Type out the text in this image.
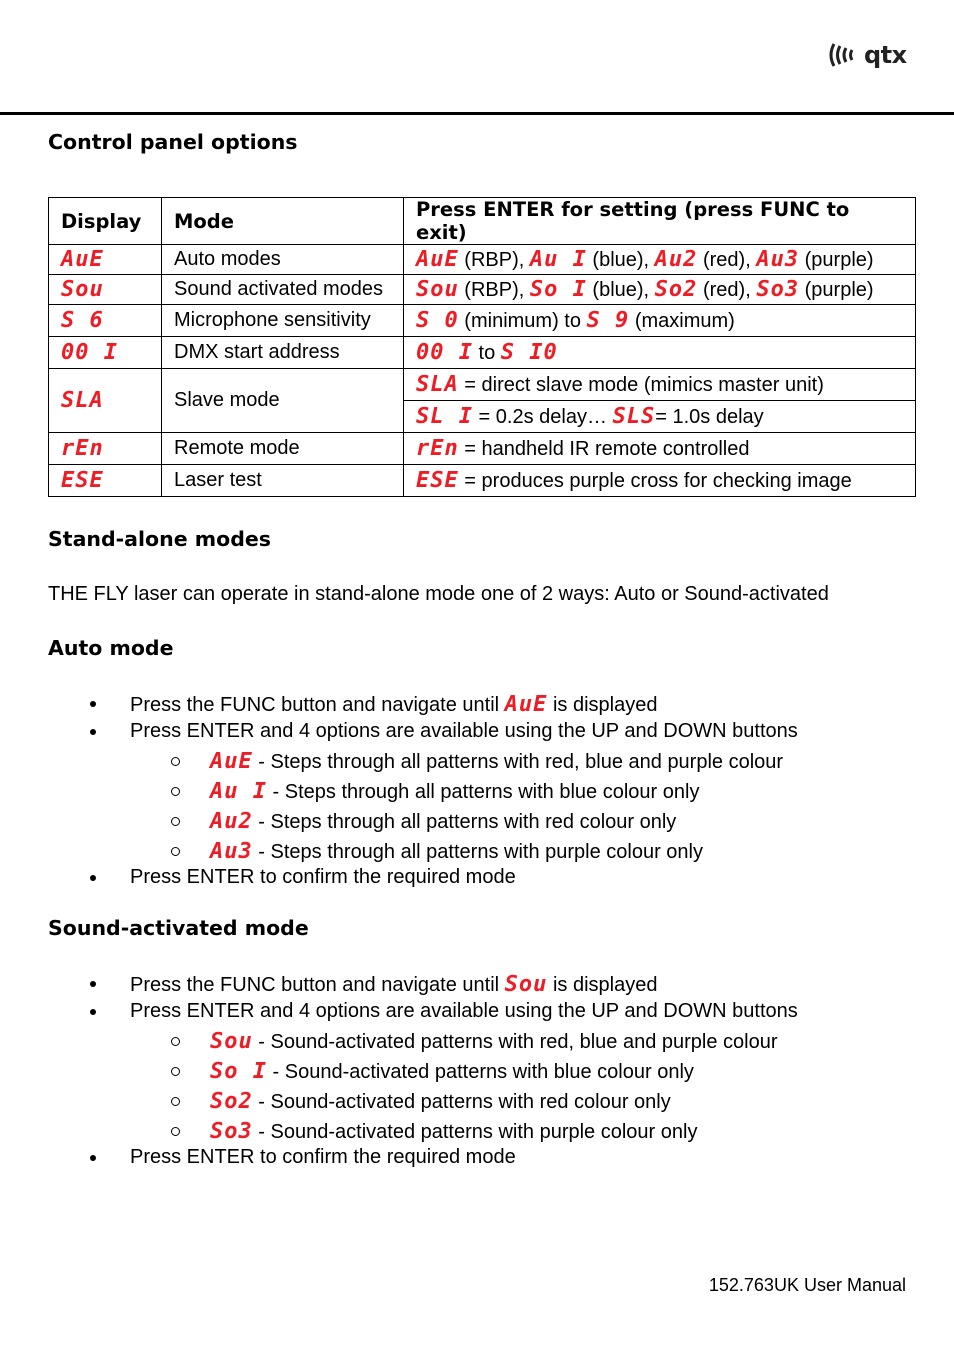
qtx
Control panel options
Display	Mode	Press ENTER for setting (press FUNC to exit)
AuE	Auto modes	AuE (RBP), Au I (blue), Au2 (red), Au3 (purple)
Sou	Sound activated modes	Sou (RBP), So I (blue), So2 (red), So3 (purple)
S 6	Microphone sensitivity	S 0 (minimum) to S 9 (maximum)
00 I	DMX start address	00 I to S I0
SLA	Slave mode	SLA = direct slave mode (mimics master unit)
		SL I = 0.2s delay… SLS= 1.0s delay
rEn	Remote mode	rEn = handheld IR remote controlled
ESE	Laser test	ESE = produces purple cross for checking image
Stand-alone modes

THE FLY laser can operate in stand-alone mode one of 2 ways: Auto or Sound-activated

Auto mode
Press the FUNC button and navigate until AuE is displayed
Press ENTER and 4 options are available using the UP and DOWN buttons
AuE - Steps through all patterns with red, blue and purple colour
Au I - Steps through all patterns with blue colour only
Au2 - Steps through all patterns with red colour only
Au3 - Steps through all patterns with purple colour only
Press ENTER to confirm the required mode
Sound-activated mode
Press the FUNC button and navigate until Sou is displayed
Press ENTER and 4 options are available using the UP and DOWN buttons
Sou - Sound-activated patterns with red, blue and purple colour
So I - Sound-activated patterns with blue colour only
So2 - Sound-activated patterns with red colour only
So3 - Sound-activated patterns with purple colour only
Press ENTER to confirm the required mode
152.763UK User Manual
